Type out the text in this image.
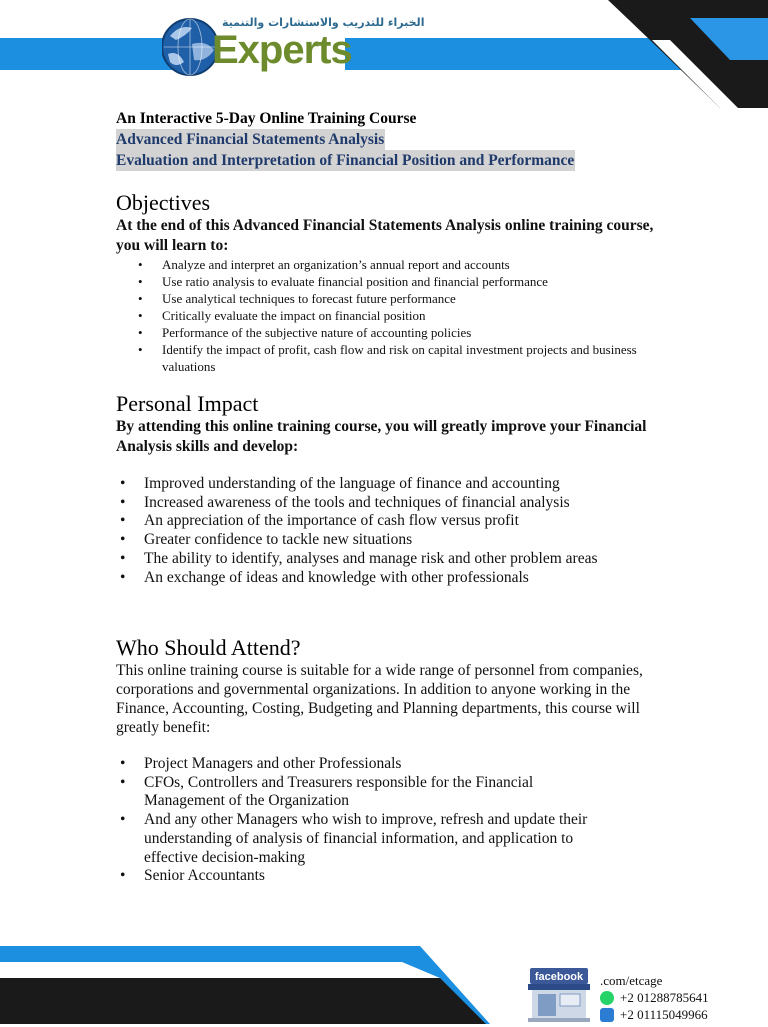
الخبراء للتدريب والاستشارات والتنمية
Experts
An Interactive 5-Day Online Training Course
Advanced Financial Statements Analysis
Evaluation and Interpretation of Financial Position and Performance
Objectives

At the end of this Advanced Financial Statements Analysis online training course, you will learn to:

• Analyze and interpret an organization’s annual report and accounts
• Use ratio analysis to evaluate financial position and financial performance
• Use analytical techniques to forecast future performance
• Critically evaluate the impact on financial position
• Performance of the subjective nature of accounting policies
• Identify the impact of profit, cash flow and risk on capital investment projects and business valuations
Personal Impact

By attending this online training course, you will greatly improve your Financial Analysis skills and develop:

• Improved understanding of the language of finance and accounting
• Increased awareness of the tools and techniques of financial analysis
• An appreciation of the importance of cash flow versus profit
• Greater confidence to tackle new situations
• The ability to identify, analyses and manage risk and other problem areas
• An exchange of ideas and knowledge with other professionals
Who Should Attend?

This online training course is suitable for a wide range of personnel from companies, corporations and governmental organizations. In addition to anyone working in the Finance, Accounting, Costing, Budgeting and Planning departments, this course will greatly benefit:

• Project Managers and other Professionals
• CFOs, Controllers and Treasurers responsible for the Financial Management of the Organization
• And any other Managers who wish to improve, refresh and update their understanding of analysis of financial information, and application to effective decision-making
• Senior Accountants
facebook .com/etcage
+2 01288785641
+2 01115049966
